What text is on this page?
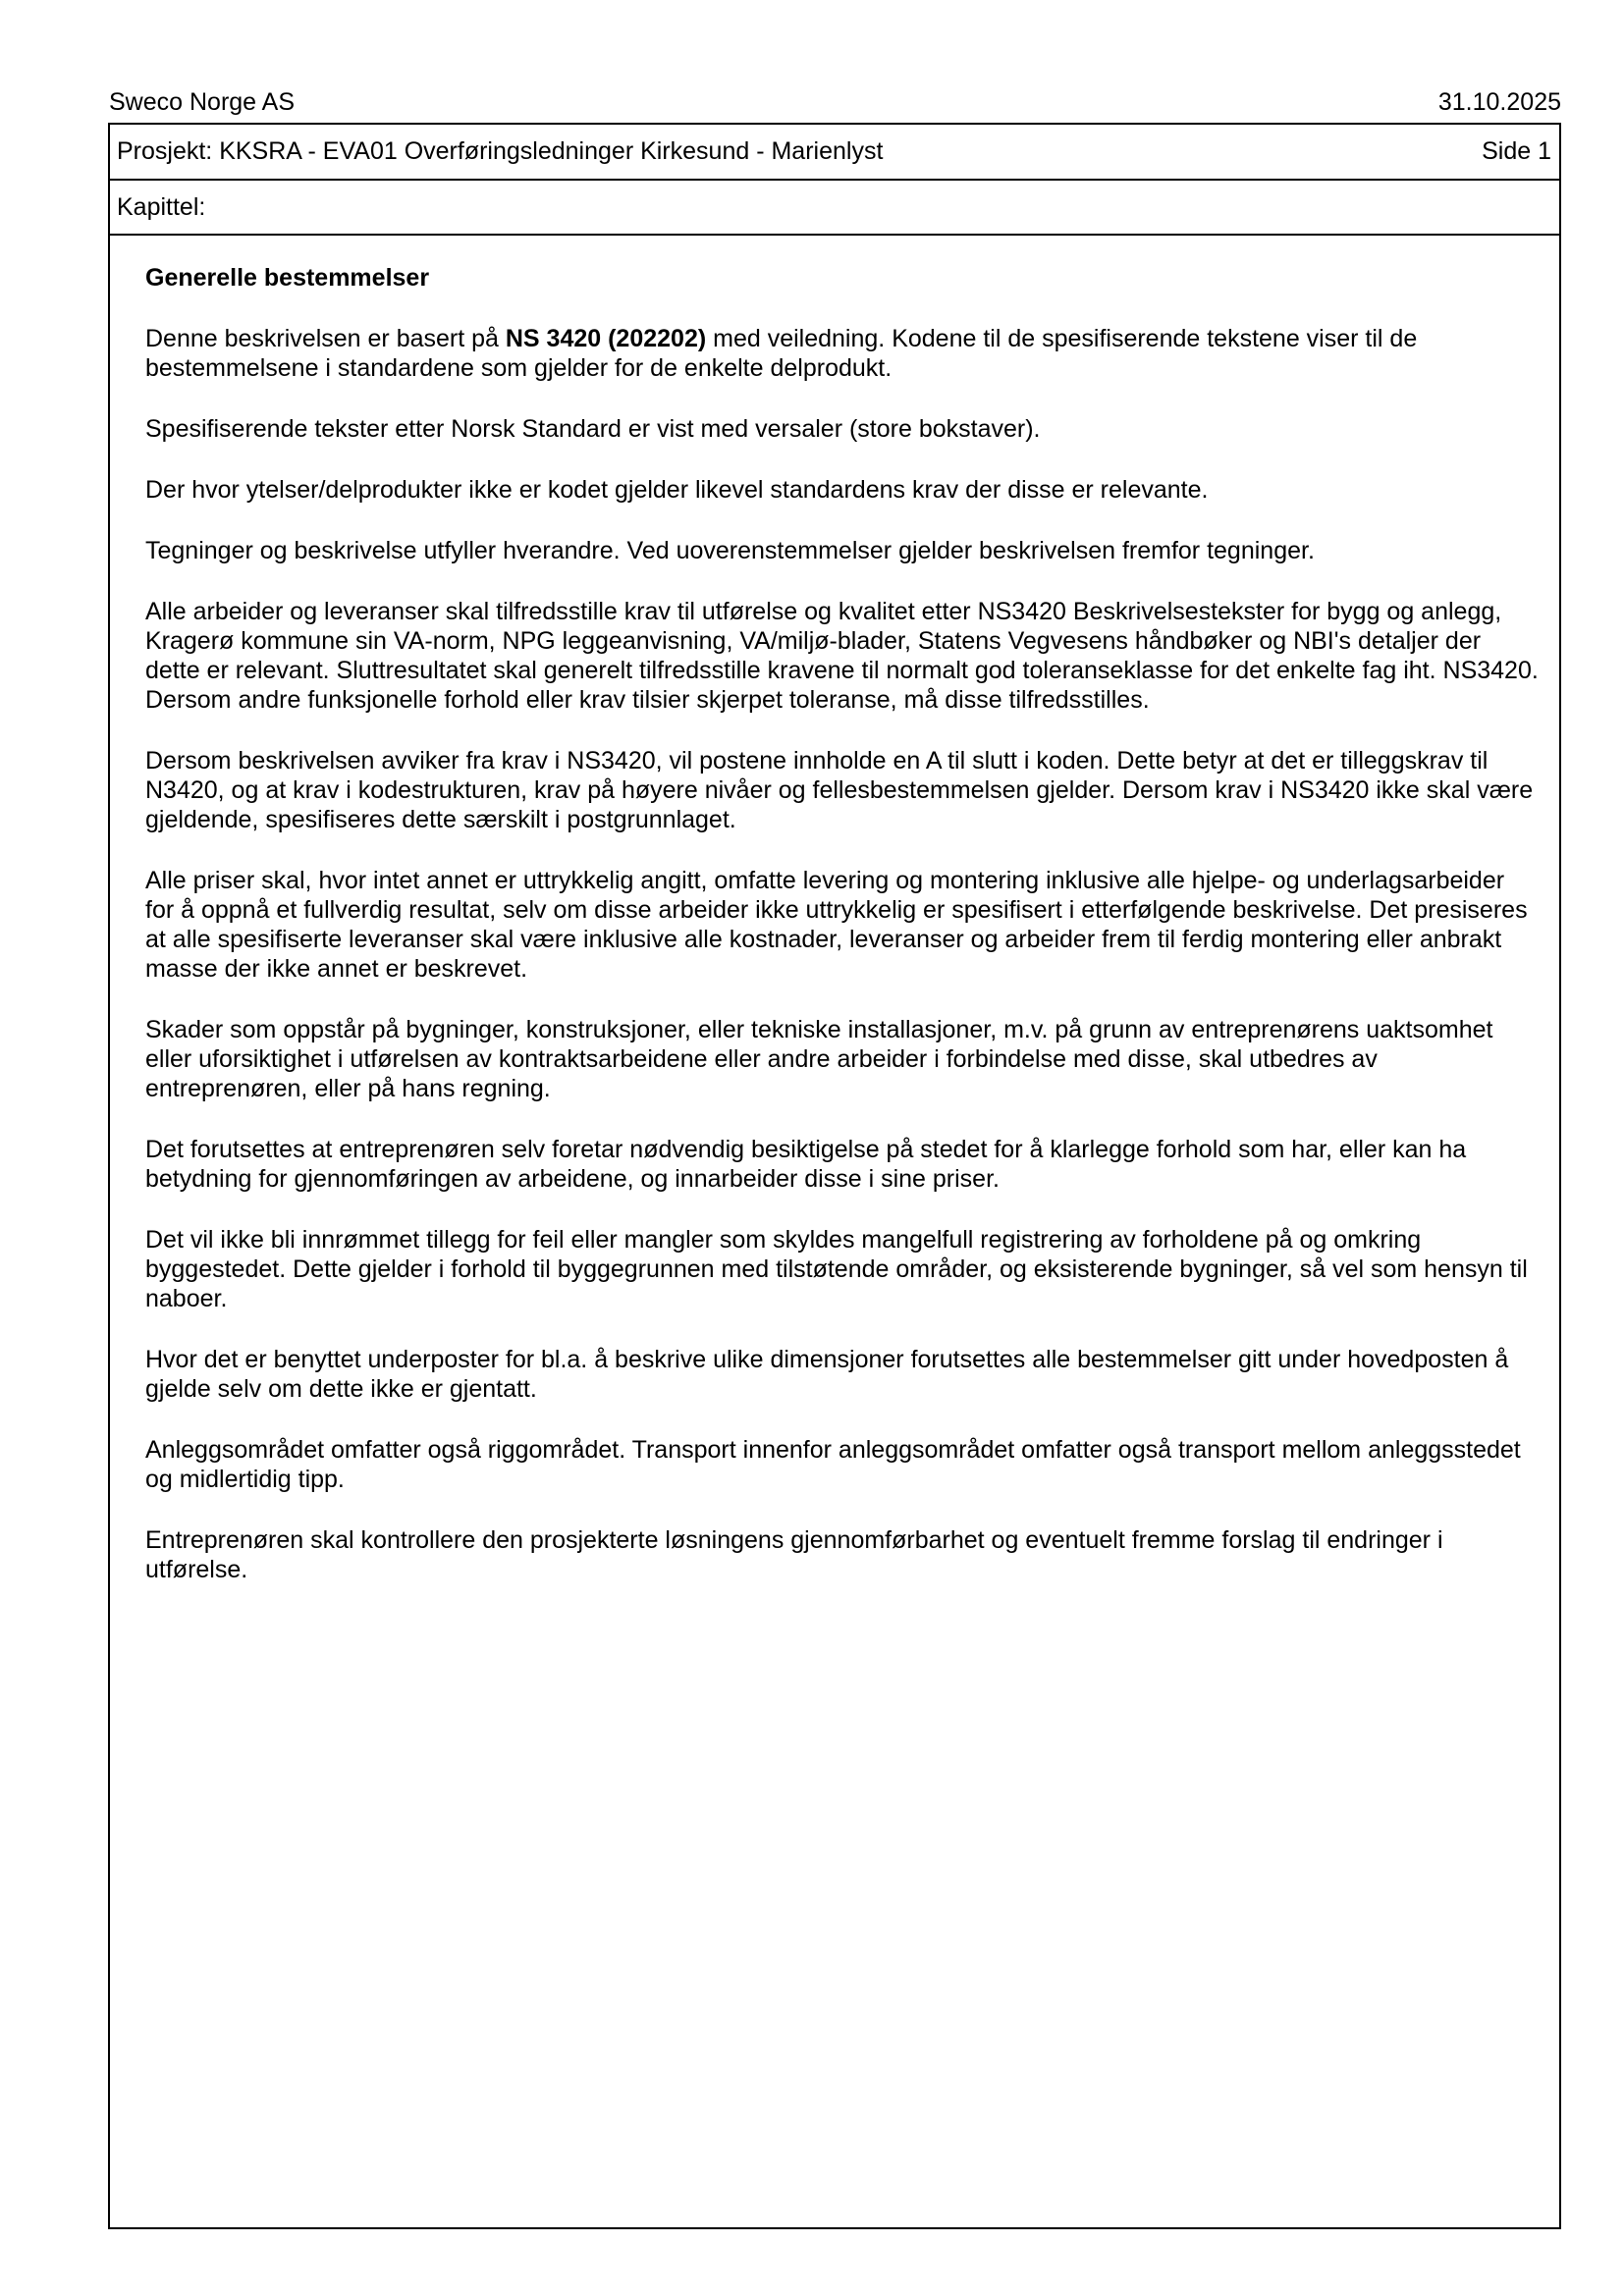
Sweco Norge AS	31.10.2025
Prosjekt: KKSRA - EVA01 Overføringsledninger Kirkesund - Marienlyst	Side 1
Kapittel:
Generelle bestemmelser

Denne beskrivelsen er basert på NS 3420 (202202) med veiledning. Kodene til de spesifiserende tekstene viser til de bestemmelsene i standardene som gjelder for de enkelte delprodukt.

Spesifiserende tekster etter Norsk Standard er vist med versaler (store bokstaver).

Der hvor ytelser/delprodukter ikke er kodet gjelder likevel standardens krav der disse er relevante.

Tegninger og beskrivelse utfyller hverandre. Ved uoverenstemmelser gjelder beskrivelsen fremfor tegninger.

Alle arbeider og leveranser skal tilfredsstille krav til utførelse og kvalitet etter NS3420 Beskrivelsestekster for bygg og anlegg, Kragerø kommune sin VA-norm, NPG leggeanvisning, VA/miljø-blader, Statens Vegvesens håndbøker og NBI's detaljer der dette er relevant. Sluttresultatet skal generelt tilfredsstille kravene til normalt god toleranseklasse for det enkelte fag iht. NS3420. Dersom andre funksjonelle forhold eller krav tilsier skjerpet toleranse, må disse tilfredsstilles.

Dersom beskrivelsen avviker fra krav i NS3420, vil postene innholde en A til slutt i koden. Dette betyr at det er tilleggskrav til N3420, og at krav i kodestrukturen, krav på høyere nivåer og fellesbestemmelsen gjelder. Dersom krav i NS3420 ikke skal være gjeldende, spesifiseres dette særskilt i postgrunnlaget.

Alle priser skal, hvor intet annet er uttrykkelig angitt, omfatte levering og montering inklusive alle hjelpe- og underlagsarbeider for å oppnå et fullverdig resultat, selv om disse arbeider ikke uttrykkelig er spesifisert i etterfølgende beskrivelse. Det presiseres at alle spesifiserte leveranser skal være inklusive alle kostnader, leveranser og arbeider frem til ferdig montering eller anbrakt masse der ikke annet er beskrevet.

Skader som oppstår på bygninger, konstruksjoner, eller tekniske installasjoner, m.v. på grunn av entreprenørens uaktsomhet eller uforsiktighet i utførelsen av kontraktsarbeidene eller andre arbeider i forbindelse med disse, skal utbedres av entreprenøren, eller på hans regning.

Det forutsettes at entreprenøren selv foretar nødvendig besiktigelse på stedet for å klarlegge forhold som har, eller kan ha betydning for gjennomføringen av arbeidene, og innarbeider disse i sine priser.

Det vil ikke bli innrømmet tillegg for feil eller mangler som skyldes mangelfull registrering av forholdene på og omkring byggestedet. Dette gjelder i forhold til byggegrunnen med tilstøtende områder, og eksisterende bygninger, så vel som hensyn til naboer.

Hvor det er benyttet underposter for bl.a. å beskrive ulike dimensjoner forutsettes alle bestemmelser gitt under hovedposten å gjelde selv om dette ikke er gjentatt.

Anleggsområdet omfatter også riggområdet. Transport innenfor anleggsområdet omfatter også transport mellom anleggsstedet og midlertidig tipp.

Entreprenøren skal kontrollere den prosjekterte løsningens gjennomførbarhet og eventuelt fremme forslag til endringer i utførelse.
